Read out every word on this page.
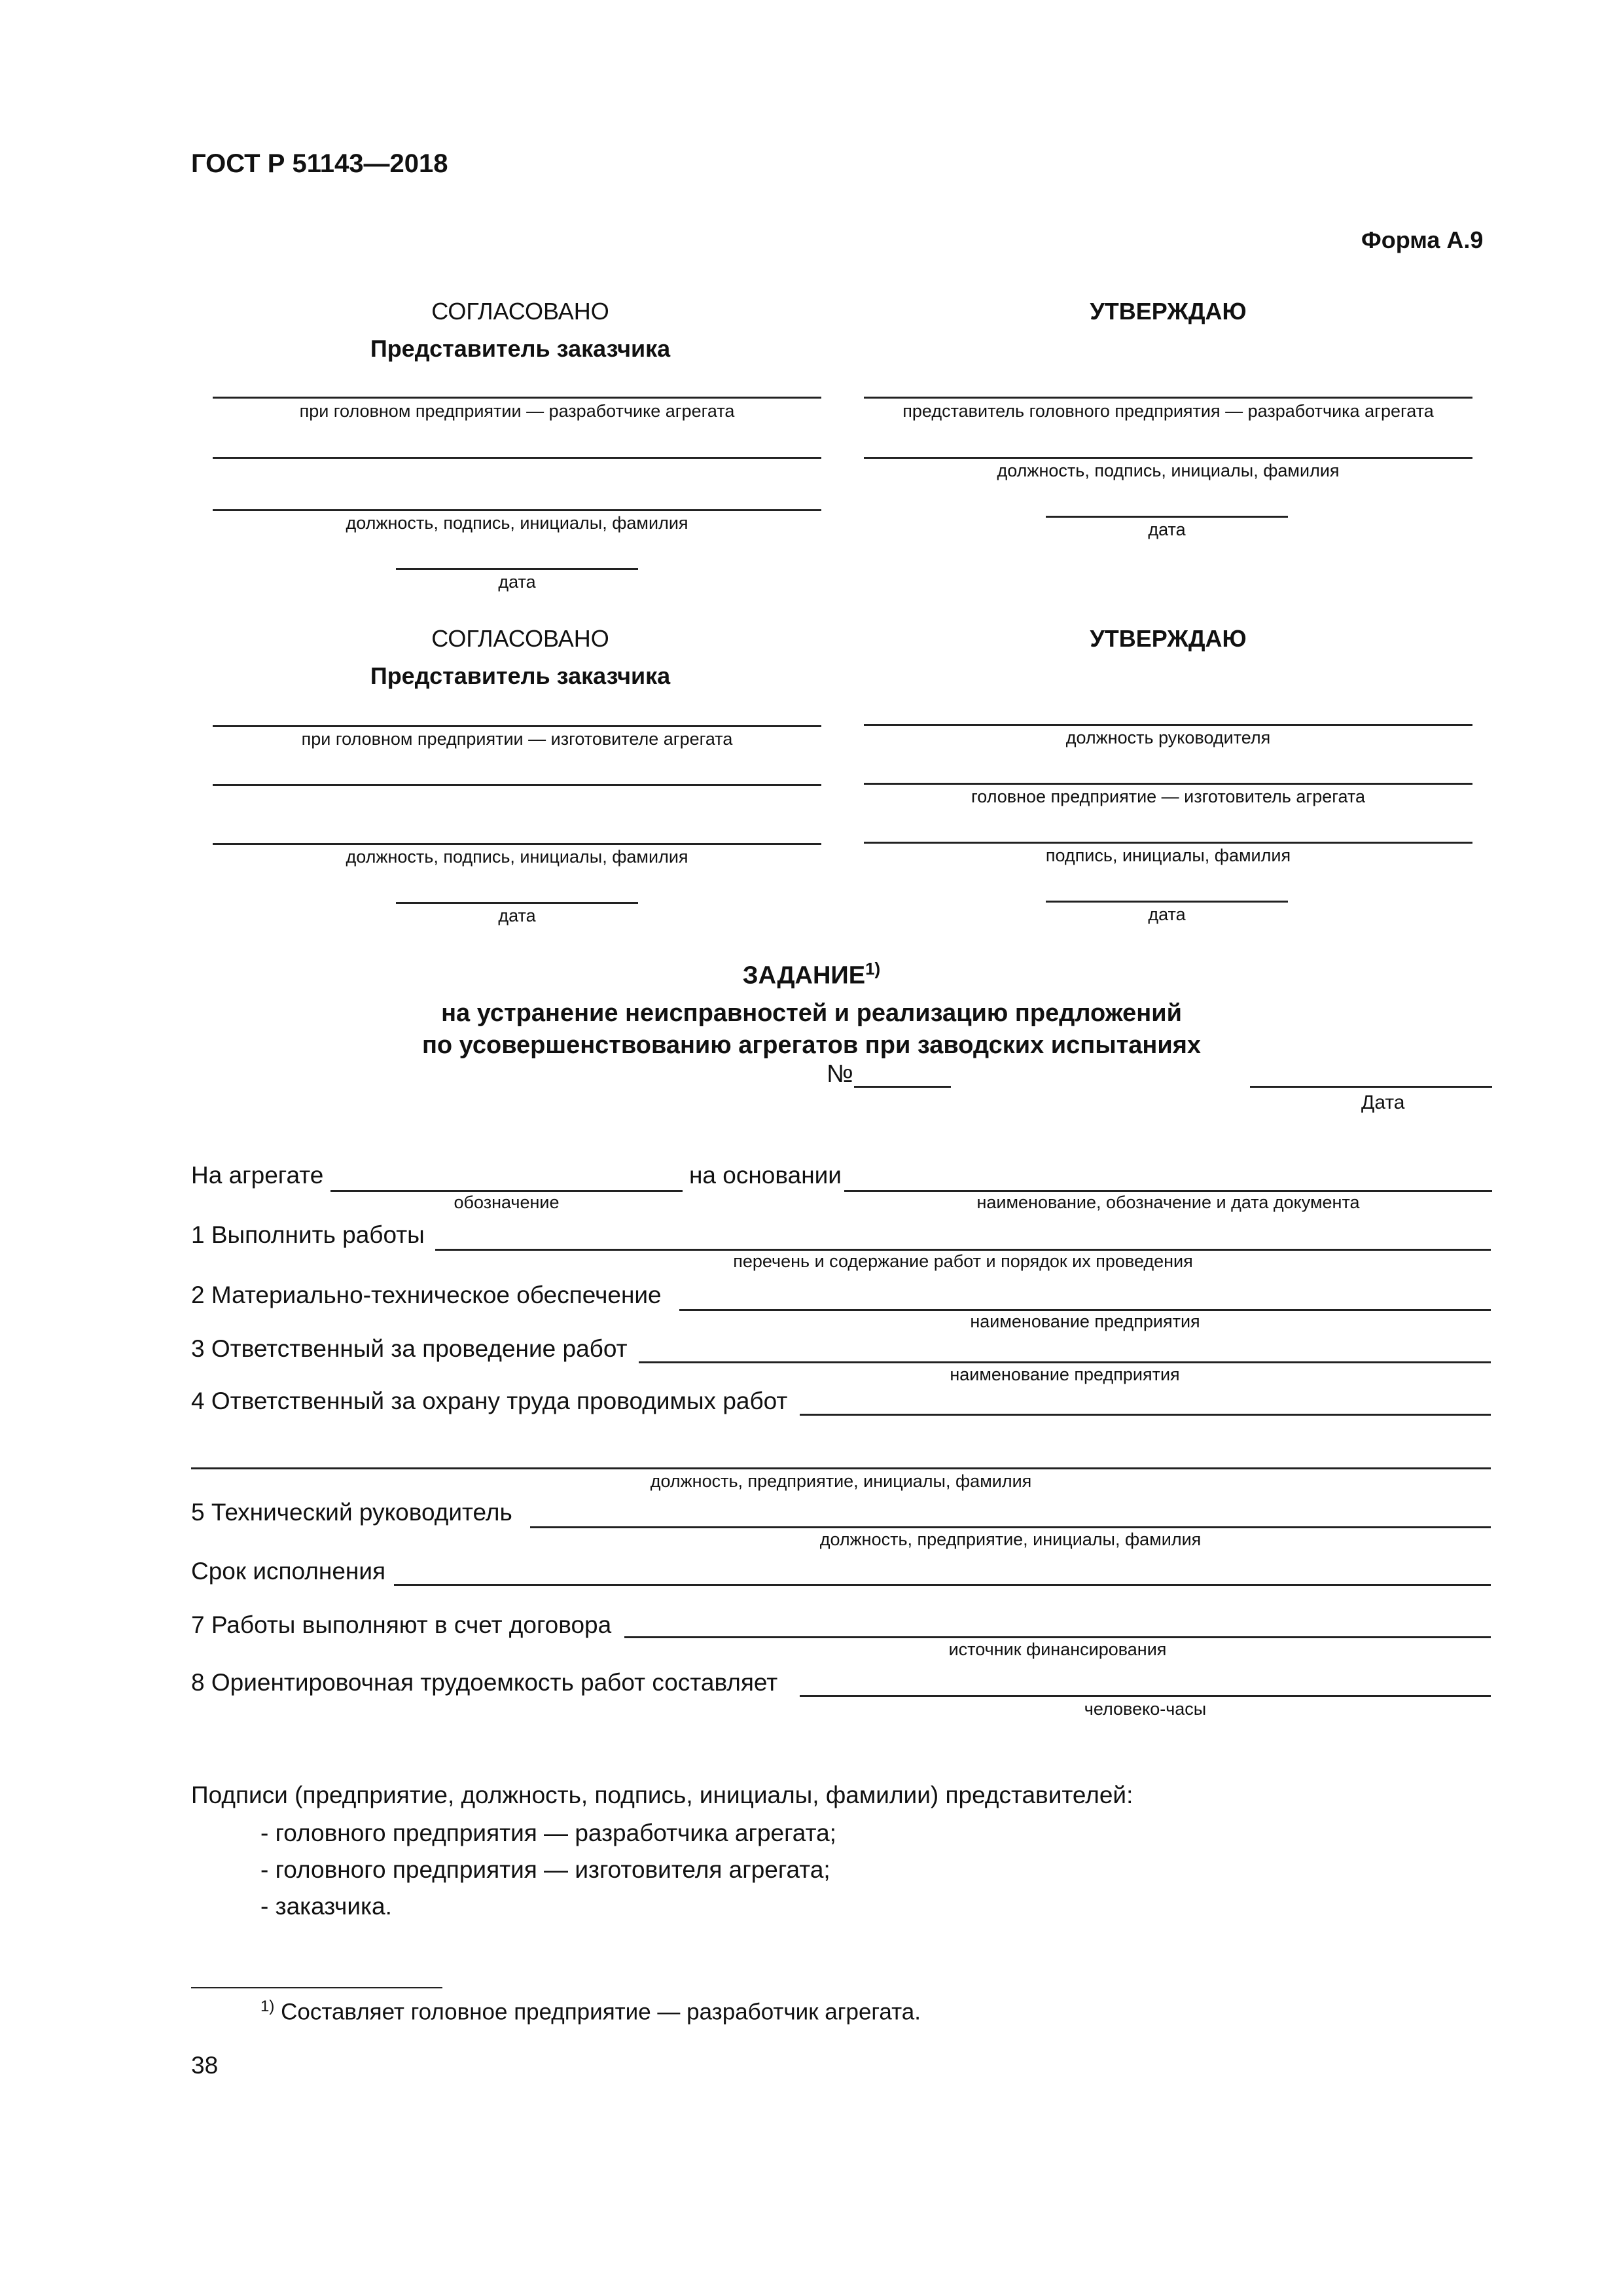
ГОСТ Р 51143—2018
Форма А.9
СОГЛАСОВАНО
Представитель заказчика
при головном предприятии — разработчике агрегата
должность, подпись, инициалы, фамилия
дата
УТВЕРЖДАЮ
представитель головного предприятия — разработчика агрегата
должность, подпись, инициалы, фамилия
дата
СОГЛАСОВАНО
Представитель заказчика
при головном предприятии — изготовителе агрегата
должность, подпись, инициалы, фамилия
дата
УТВЕРЖДАЮ
должность руководителя
головное предприятие — изготовитель агрегата
подпись, инициалы, фамилия
дата
ЗАДАНИЕ$^{1)}$
на устранение неисправностей и реализацию предложений
по усовершенствованию агрегатов при заводских испытаниях
№
Дата
На агрегате
обозначение
на основании
наименование, обозначение и дата документа
1 Выполнить работы
перечень и содержание работ и порядок их проведения
2 Материально-техническое обеспечение
наименование предприятия
3 Ответственный за проведение работ
наименование предприятия
4 Ответственный за охрану труда проводимых работ
должность, предприятие, инициалы, фамилия
5 Технический руководитель
должность, предприятие, инициалы, фамилия
Срок исполнения
7 Работы выполняют в счет договора
источник финансирования
8 Ориентировочная трудоемкость работ составляет
человеко-часы
Подписи (предприятие, должность, подпись, инициалы, фамилии) представителей:
- головного предприятия — разработчика агрегата;
- головного предприятия — изготовителя агрегата;
- заказчика.
$^{1)}$ Составляет головное предприятие — разработчик агрегата.
38
